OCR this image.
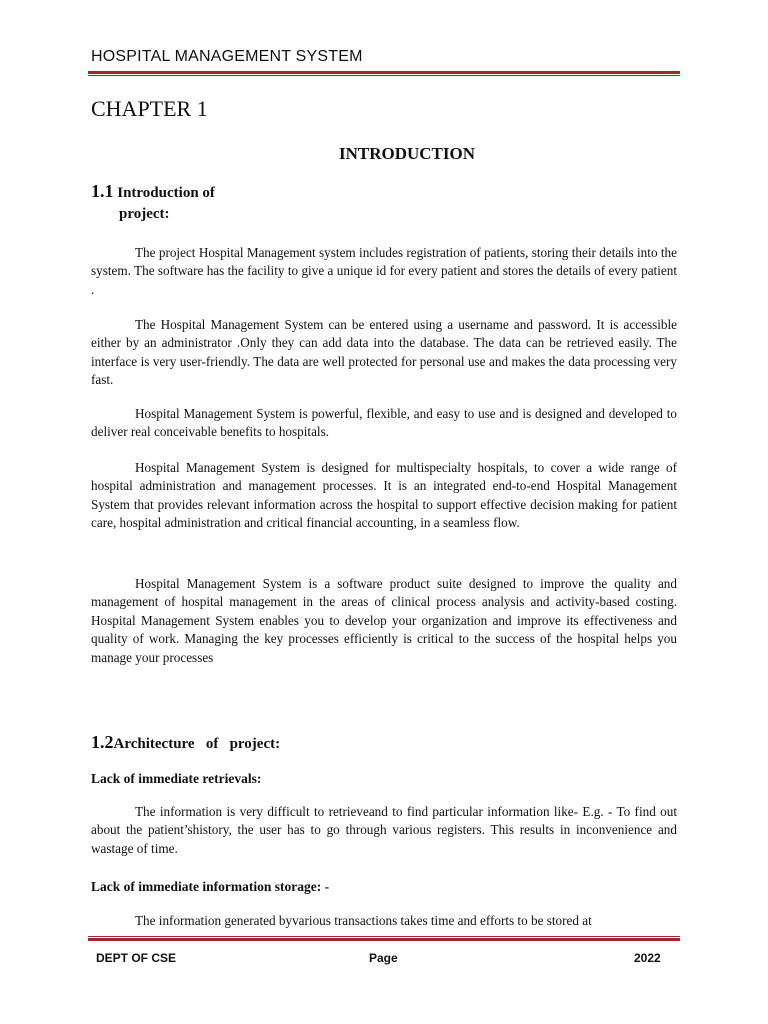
HOSPITAL MANAGEMENT SYSTEM
CHAPTER 1
INTRODUCTION
1.1 Introduction of
project:

The project Hospital Management system includes registration of patients, storing their details into the system. The software has the facility to give a unique id for every patient and stores the details of every patient .

The Hospital Management System can be entered using a username and password. It is accessible either by an administrator .Only they can add data into the database. The data can be retrieved easily. The interface is very user-friendly. The data are well protected for personal use and makes the data processing very fast.

Hospital Management System is powerful, flexible, and easy to use and is designed and developed to deliver real conceivable benefits to hospitals.

Hospital Management System is designed for multispecialty hospitals, to cover a wide range of hospital administration and management processes. It is an integrated end-to-end Hospital Management System that provides relevant information across the hospital to support effective decision making for patient care, hospital administration and critical financial accounting, in a seamless flow.

Hospital Management System is a software product suite designed to improve the quality and management of hospital management in the areas of clinical process analysis and activity-based costing. Hospital Management System enables you to develop your organization and improve its effectiveness and quality of work. Managing the key processes efficiently is critical to the success of the hospital helps you manage your processes

1.2Architecture   of   project:
Lack of immediate retrievals:

The information is very difficult to retrieveand to find particular information like- E.g. - To find out about the patient’shistory, the user has to go through various registers. This results in inconvenience and wastage of time.

Lack of immediate information storage: -

The information generated byvarious transactions takes time and efforts to be stored at

DEPT OF CSE	Page	2022
